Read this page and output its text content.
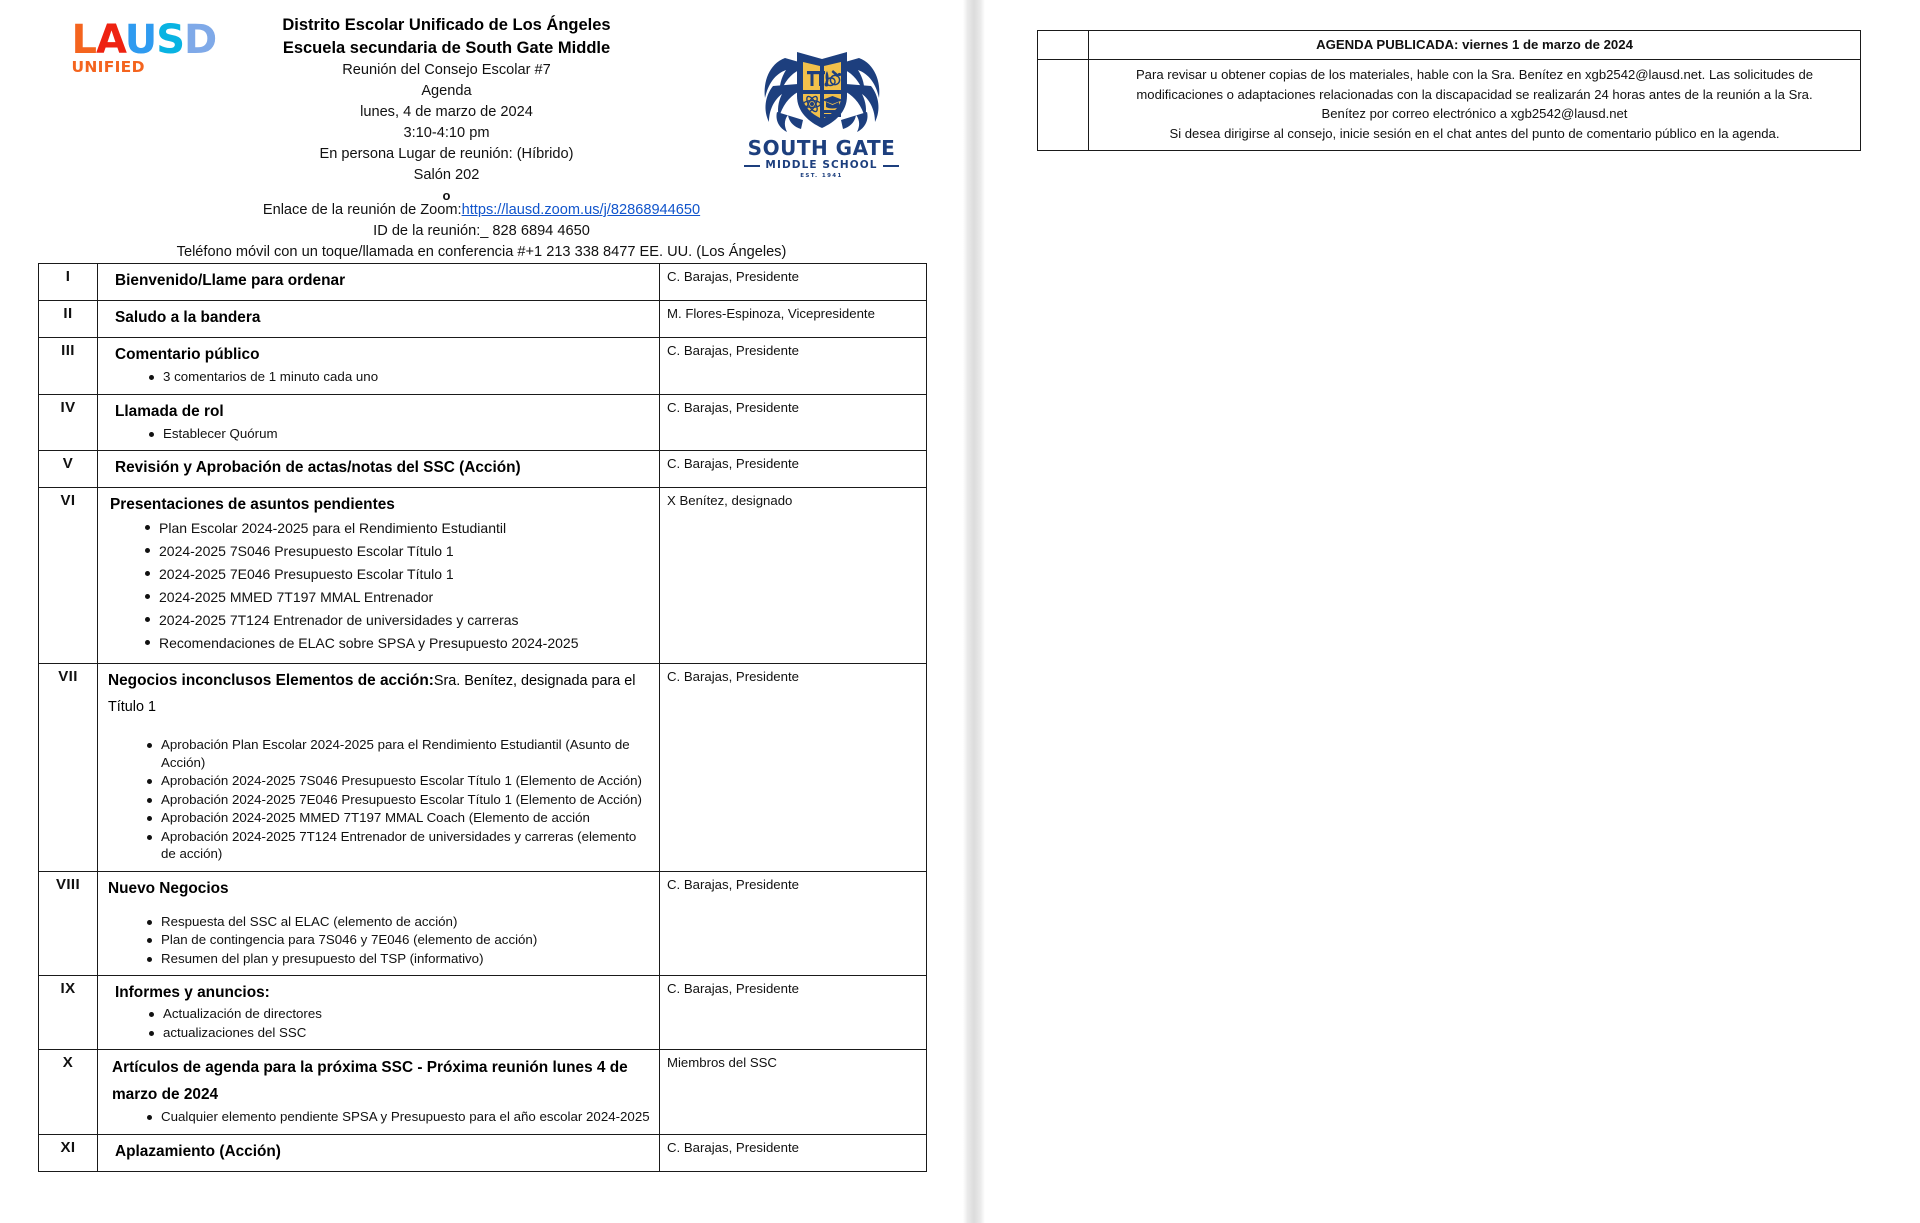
LAUSD
UNIFIED
Distrito Escolar Unificado de Los Ángeles
Escuela secundaria de South Gate Middle
Reunión del Consejo Escolar #7
Agenda
lunes, 4 de marzo de 2024
3:10-4:10 pm
En persona Lugar de reunión: (Híbrido)
Salón 202
o
SOUTH GATE
MIDDLE SCHOOL
EST. 1941
Enlace de la reunión de Zoom:https://lausd.zoom.us/j/82868944650
ID de la reunión:_ 828 6894 4650
Teléfono móvil con un toque/llamada en conferencia #+1 213 338 8477 EE. UU. (Los Ángeles)
I	Bienvenido/Llame para ordenar	C. Barajas, Presidente
II	Saludo a la bandera	M. Flores-Espinoza, Vicepresidente
III	Comentario público
3 comentarios de 1 minuto cada uno
	C. Barajas, Presidente
IV	Llamada de rol
Establecer Quórum
	C. Barajas, Presidente
V	Revisión y Aprobación de actas/notas del SSC (Acción)	C. Barajas, Presidente
VI	Presentaciones de asuntos pendientes
Plan Escolar 2024-2025 para el Rendimiento Estudiantil
2024-2025 7S046 Presupuesto Escolar Título 1
2024-2025 7E046 Presupuesto Escolar Título 1
2024-2025 MMED 7T197 MMAL Entrenador
2024-2025 7T124 Entrenador de universidades y carreras
Recomendaciones de ELAC sobre SPSA y Presupuesto 2024-2025
	X Benítez, designado
VII	Negocios inconclusos Elementos de acción:Sra. Benítez, designada para el Título 1
Aprobación Plan Escolar 2024-2025 para el Rendimiento Estudiantil (Asunto de Acción)
Aprobación 2024-2025 7S046 Presupuesto Escolar Título 1 (Elemento de Acción)
Aprobación 2024-2025 7E046 Presupuesto Escolar Título 1 (Elemento de Acción)
Aprobación 2024-2025 MMED 7T197 MMAL Coach (Elemento de acción
Aprobación 2024-2025 7T124 Entrenador de universidades y carreras (elemento de acción)
	C. Barajas, Presidente
VIII	Nuevo Negocios
Respuesta del SSC al ELAC (elemento de acción)
Plan de contingencia para 7S046 y 7E046 (elemento de acción)
Resumen del plan y presupuesto del TSP (informativo)
	C. Barajas, Presidente
IX	Informes y anuncios:
Actualización de directores
actualizaciones del SSC
	C. Barajas, Presidente
X	Artículos de agenda para la próxima SSC - Próxima reunión lunes 4 de marzo de 2024
Cualquier elemento pendiente SPSA y Presupuesto para el año escolar 2024-2025
	Miembros del SSC
XI	Aplazamiento (Acción)	C. Barajas, Presidente
	AGENDA PUBLICADA: viernes 1 de marzo de 2024

	Para revisar u obtener copias de los materiales, hable con la Sra. Benítez en xgb2542@lausd.net. Las solicitudes de
modificaciones o adaptaciones relacionadas con la discapacidad se realizarán 24 horas antes de la reunión a la Sra.
Benítez por correo electrónico a xgb2542@lausd.net
Si desea dirigirse al consejo, inicie sesión en el chat antes del punto de comentario público en la agenda.
